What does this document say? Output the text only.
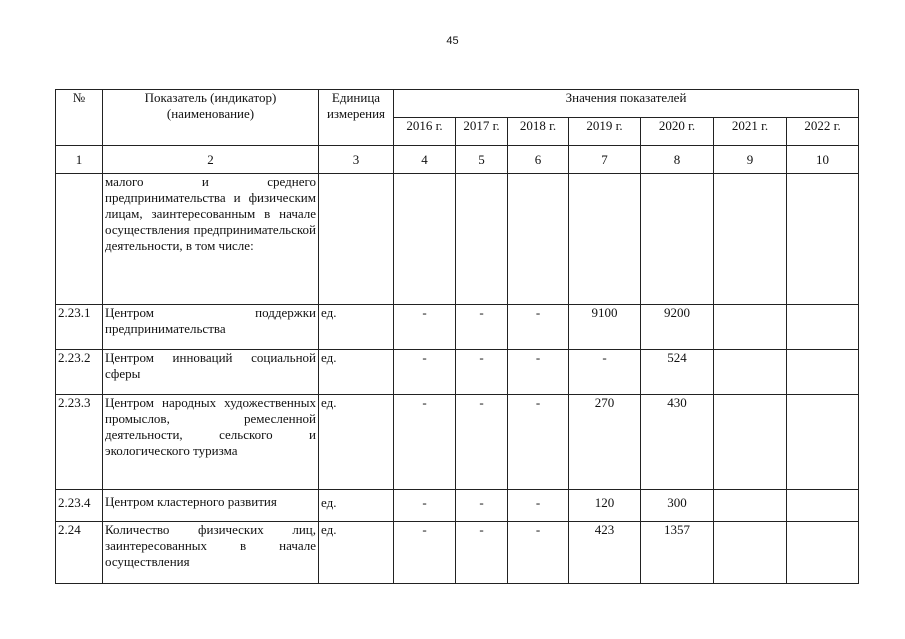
45
№	Показатель (индикатор) (наименование)	Единица измерения	Значения показателей						
			2016 г.	2017 г.	2018 г.	2019 г.	2020 г.	2021 г.	2022 г.
1	2	3	4	5	6	7	8	9	10
	малого и среднего предпринимательства и физическим лицам, заинтересованным в начале осуществления предпринимательской деятельности, в том числе:								
2.23.1	Центром поддержки предпринимательства	ед.	-	-	-	9100	9200		
2.23.2	Центром инноваций социальной сферы	ед.	-	-	-	-	524		
2.23.3	Центром народных художественных промыслов, ремесленной деятельности, сельского и экологического туризма	ед.	-	-	-	270	430		
2.23.4	Центром кластерного развития	ед.	-	-	-	120	300		
2.24	Количество физических лиц, заинтересованных в начале осуществления	ед.	-	-	-	423	1357		
